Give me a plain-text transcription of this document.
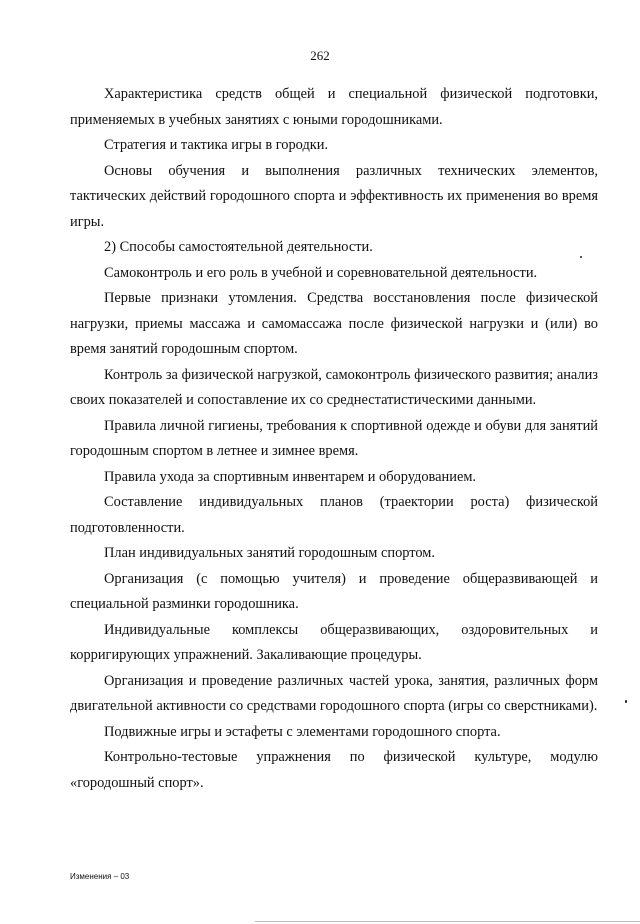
262

Характеристика средств общей и специальной физической подготовки, применяемых в учебных занятиях с юными городошниками.

Стратегия и тактика игры в городки.

Основы обучения и выполнения различных технических элементов, тактических действий городошного спорта и эффективность их применения во время игры.

2) Способы самостоятельной деятельности.

Самоконтроль и его роль в учебной и соревновательной деятельности.

Первые признаки утомления. Средства восстановления после физической нагрузки, приемы массажа и самомассажа после физической нагрузки и (или) во время занятий городошным спортом.

Контроль за физической нагрузкой, самоконтроль физического развития; анализ своих показателей и сопоставление их со среднестатистическими данными.

Правила личной гигиены, требования к спортивной одежде и обуви для занятий городошным спортом в летнее и зимнее время.

Правила ухода за спортивным инвентарем и оборудованием.

Составление индивидуальных планов (траектории роста) физической подготовленности.

План индивидуальных занятий городошным спортом.

Организация (с помощью учителя) и проведение общеразвивающей и специальной разминки городошника.

Индивидуальные комплексы общеразвивающих, оздоровительных и корригирующих упражнений. Закаливающие процедуры.

Организация и проведение различных частей урока, занятия, различных форм двигательной активности со средствами городошного спорта (игры со сверстниками).

Подвижные игры и эстафеты с элементами городошного спорта.

Контрольно-тестовые упражнения по физической культуре, модулю «городошный спорт».

Изменения – 03
